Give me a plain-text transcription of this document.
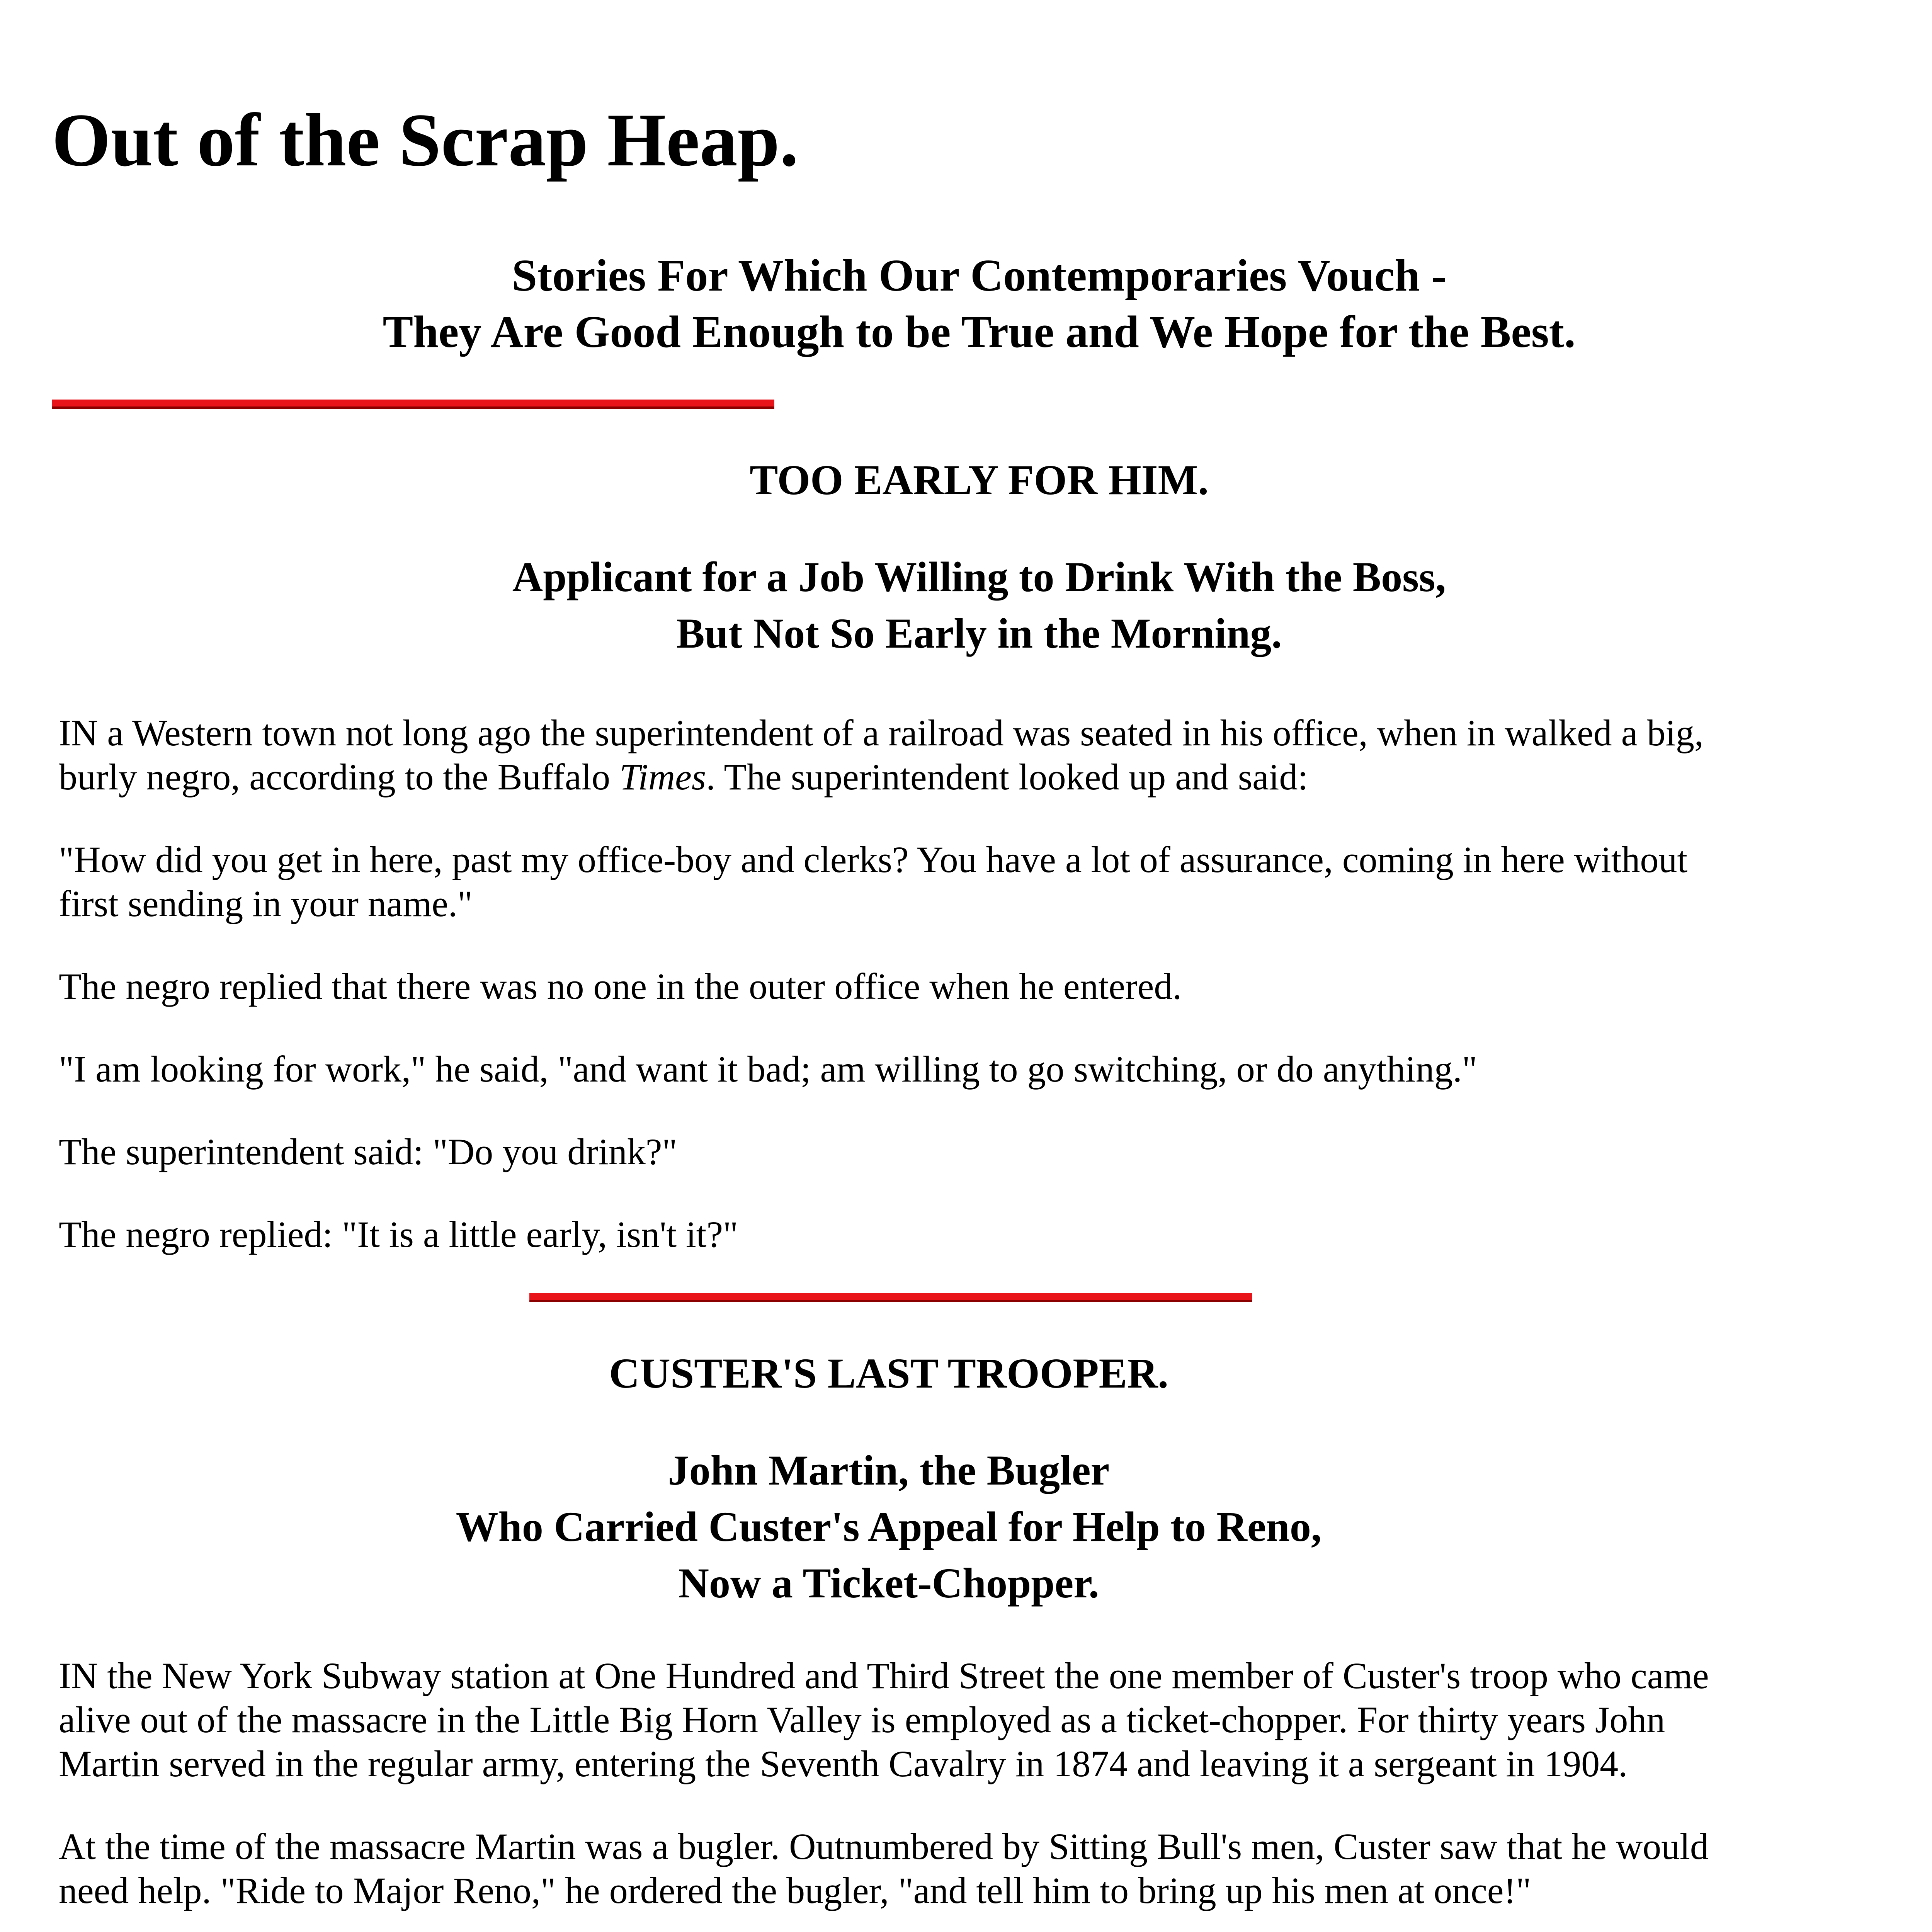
Out of the Scrap Heap.
Stories For Which Our Contemporaries Vouch -
They Are Good Enough to be True and We Hope for the Best.
TOO EARLY FOR HIM.
Applicant for a Job Willing to Drink With the Boss,
But Not So Early in the Morning.

IN a Western town not long ago the superintendent of a railroad was seated in his office, when in walked a big, burly negro, according to the Buffalo Times. The superintendent looked up and said:

"How did you get in here, past my office-boy and clerks? You have a lot of assurance, coming in here without first sending in your name."

The negro replied that there was no one in the outer office when he entered.

"I am looking for work," he said, "and want it bad; am willing to go switching, or do anything."

The superintendent said: "Do you drink?"

The negro replied: "It is a little early, isn't it?"

CUSTER'S LAST TROOPER.
John Martin, the Bugler
Who Carried Custer's Appeal for Help to Reno,
Now a Ticket-Chopper.

IN the New York Subway station at One Hundred and Third Street the one member of Custer's troop who came alive out of the massacre in the Little Big Horn Valley is employed as a ticket-chopper. For thirty years John Martin served in the regular army, entering the Seventh Cavalry in 1874 and leaving it a sergeant in 1904.

At the time of the massacre Martin was a bugler. Outnumbered by Sitting Bull's men, Custer saw that he would need help. "Ride to Major Reno," he ordered the bugler, "and tell him to bring up his men at once!"
